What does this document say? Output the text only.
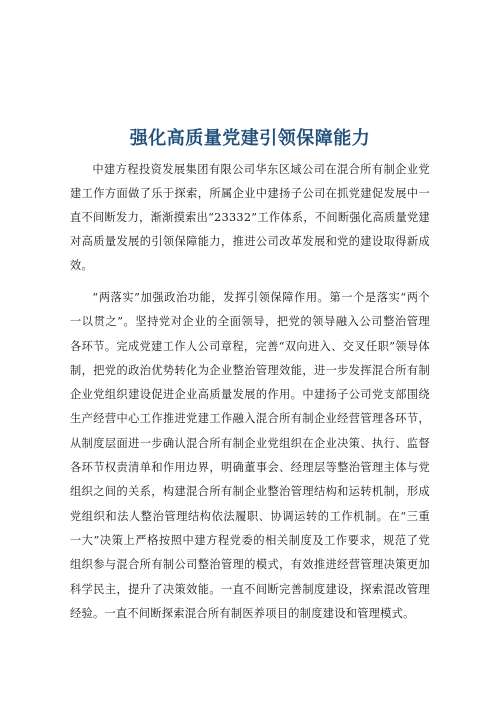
强化高质量党建引领保障能力

中建方程投资发展集团有限公司华东区域公司在混合所有制企业党建工作方面做了乐于探索，所属企业中建扬子公司在抓党建促发展中一直不间断发力，渐渐摸索出“23332”工作体系，不间断强化高质量党建对高质量发展的引领保障能力，推进公司改革发展和党的建设取得新成效。

“两落实”加强政治功能，发挥引领保障作用。第一个是落实“两个一以贯之”。坚持党对企业的全面领导，把党的领导融入公司整治管理各环节。完成党建工作人公司章程，完善“双向进入、交叉任职”领导体制，把党的政治优势转化为企业整治管理效能，进一步发挥混合所有制企业党组织建设促进企业高质量发展的作用。中建扬子公司党支部围绕生产经营中心工作推进党建工作融入混合所有制企业经营管理各环节，从制度层面进一步确认混合所有制企业党组织在企业决策、执行、监督各环节权责清单和作用边界，明确董事会、经理层等整治管理主体与党组织之间的关系，构建混合所有制企业整治管理结构和运转机制，形成党组织和法人整治管理结构依法履职、协调运转的工作机制。在“三重一大”决策上严格按照中建方程党委的相关制度及工作要求，规范了党组织参与混合所有制公司整治管理的模式，有效推进经营管理决策更加科学民主，提升了决策效能。一直不间断完善制度建设，探索混改管理经验。一直不间断探索混合所有制医养项目的制度建设和管理模式。
